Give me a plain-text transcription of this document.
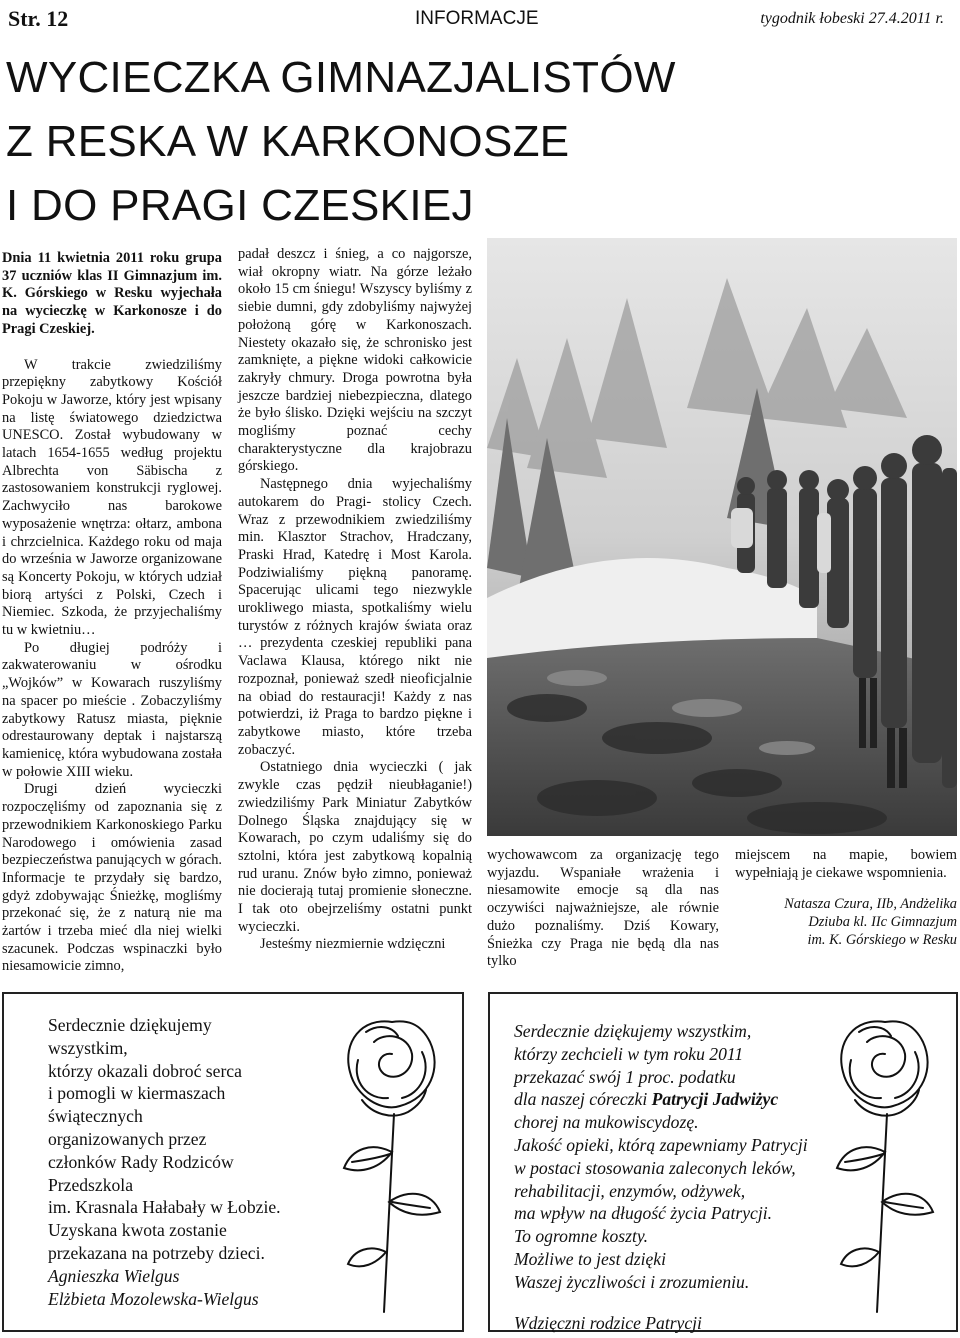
Str. 12	INFORMACJE	tygodnik łobeski 27.4.2011 r.
WYCIECZKA GIMNAZJALISTÓW
Z RESKA W KARKONOSZE
I DO PRAGI CZESKIEJ

Dnia 11 kwietnia 2011 roku grupa 37 uczniów klas II Gimnazjum im. K. Górskiego w Resku wyjechała na wycieczkę w Karkonosze i do Pragi Czeskiej.

W trakcie zwiedziliśmy przepiękny zabytkowy Kościół Pokoju w Jaworze, który jest wpisany na listę światowego dziedzictwa UNESCO. Został wybudowany w latach 1654-1655 według projektu Albrechta von Säbischa z zastosowaniem konstrukcji ryglowej. Zachwyciło nas barokowe wyposażenie wnętrza: ołtarz, ambona i chrzcielnica. Każdego roku od maja do września w Jaworze organizowane są Koncerty Pokoju, w których udział biorą artyści z Polski, Czech i Niemiec. Szkoda, że przyjechaliśmy tu w kwietniu…

Po długiej podróży i zakwaterowaniu w ośrodku „Wojków” w Kowarach ruszyliśmy na spacer po mieście . Zobaczyliśmy zabytkowy Ratusz miasta, pięknie odrestaurowany deptak i najstarszą kamienicę, która wybudowana została w połowie XIII wieku.

Drugi dzień wycieczki rozpoczęliśmy od zapoznania się z przewodnikiem Karkonoskiego Parku Narodowego i omówienia zasad bezpieczeństwa panujących w górach. Informacje te przydały się bardzo, gdyż zdobywając Śnieżkę, mogliśmy przekonać się, że z naturą nie ma żartów i trzeba mieć dla niej wielki szacunek. Podczas wspinaczki było niesamowicie zimno,

padał deszcz i śnieg, a co najgorsze, wiał okropny wiatr. Na górze leżało około 15 cm śniegu! Wszyscy byliśmy z siebie dumni, gdy zdobyliśmy najwyżej położoną górę w Karkonoszach. Niestety okazało się, że schronisko jest zamknięte, a piękne widoki całkowicie zakryły chmury. Droga powrotna była jeszcze bardziej niebezpieczna, dlatego że było ślisko. Dzięki wejściu na szczyt mogliśmy poznać cechy charakterystyczne dla krajobrazu górskiego.

Następnego dnia wyjechaliśmy autokarem do Pragi- stolicy Czech. Wraz z przewodnikiem zwiedziliśmy min. Klasztor Strachov, Hradczany, Praski Hrad, Katedrę i Most Karola. Podziwialiśmy piękną panoramę. Spacerując ulicami tego niezwykle urokliwego miasta, spotkaliśmy wielu turystów z różnych krajów świata oraz … prezydenta czeskiej republiki pana Vaclawa Klausa, którego nikt nie rozpoznał, ponieważ szedł nieoficjalnie na obiad do restauracji! Każdy z nas potwierdzi, iż Praga to bardzo piękne i zabytkowe miasto, które trzeba zobaczyć.

Ostatniego dnia wycieczki ( jak zwykle czas pędził nieubłaganie!) zwiedziliśmy Park Miniatur Zabytków Dolnego Śląska znajdujący się w Kowarach, po czym udaliśmy się do sztolni, która jest zabytkową kopalnią rud uranu. Znów było zimno, ponieważ nie docierają tutaj promienie słoneczne. I tak oto obejrzeliśmy ostatni punkt wycieczki.

Jesteśmy niezmiernie wdzięczni

wychowawcom za organizację tego wyjazdu. Wspaniałe wrażenia i niesamowite emocje są dla nas oczywiści najważniejsze, ale równie dużo poznaliśmy. Dziś Kowary, Śnieżka czy Praga nie będą dla nas tylko

miejscem na mapie, bowiem wypełniają je ciekawe wspomnienia.

Natasza Czura, IIb, Andżelika
Dziuba kl. IIc Gimnazjum
im. K. Górskiego w Resku
Serdecznie dziękujemy
wszystkim,
którzy okazali dobroć serca
i pomogli w kiermaszach
świątecznych
organizowanych przez
członków Rady Rodziców
Przedszkola
im. Krasnala Hałabały w Łobzie.
Uzyskana kwota zostanie
przekazana na potrzeby dzieci.
Agnieszka Wielgus
Elżbieta Mozolewska-Wielgus
Serdecznie dziękujemy wszystkim,
którzy zechcieli w tym roku 2011
przekazać swój 1 proc. podatku
dla naszej córeczki Patrycji Jadwiżyc
chorej na mukowiscydozę.
Jakość opieki, którą zapewniamy Patrycji
w postaci stosowania zaleconych leków,
rehabilitacji, enzymów, odżywek,
ma wpływ na długość życia Patrycji.
To ogromne koszty.
Możliwe to jest dzięki
Waszej życzliwości i zrozumieniu.
Wdzięczni rodzice Patrycji
